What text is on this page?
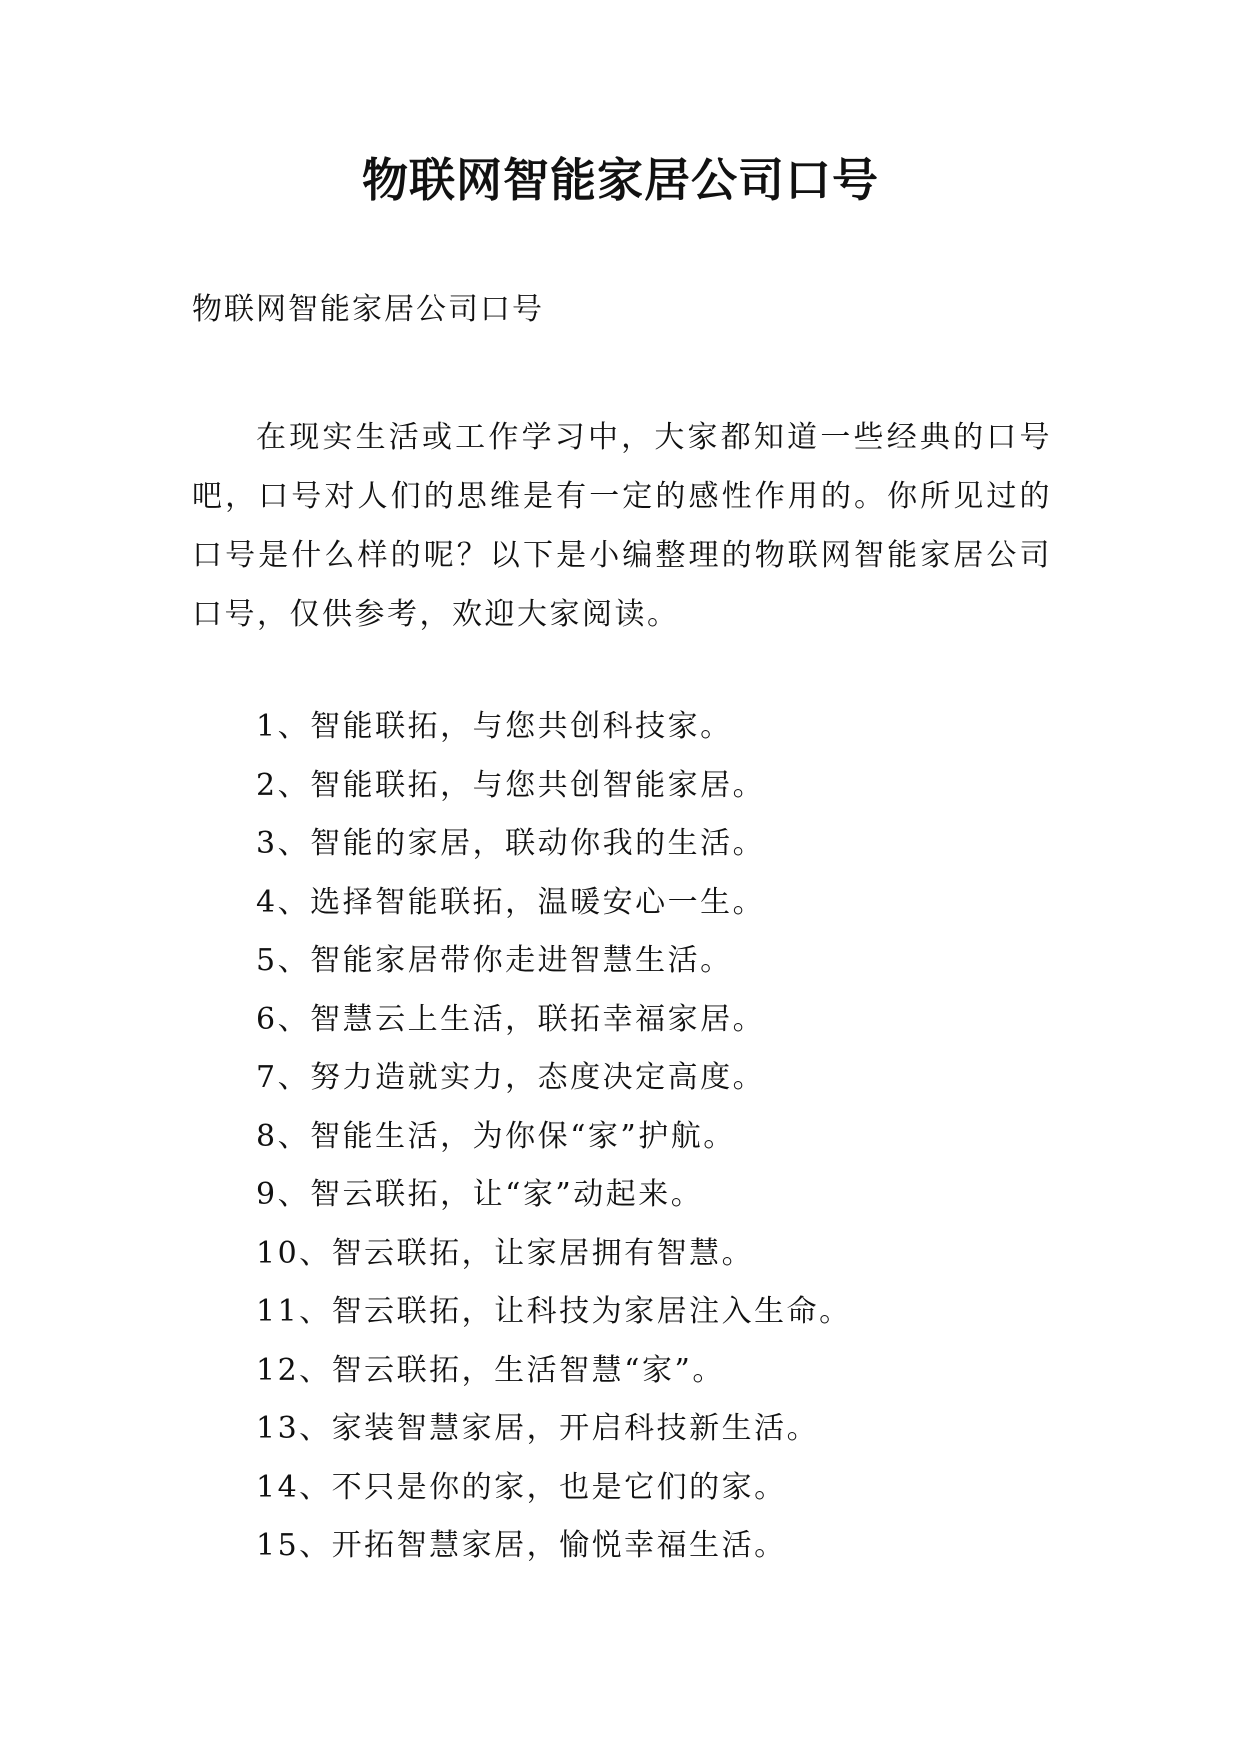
物联网智能家居公司口号

物联网智能家居公司口号

在现实生活或工作学习中，大家都知道一些经典的口号吧，口号对人们的思维是有一定的感性作用的。你所见过的口号是什么样的呢？以下是小编整理的物联网智能家居公司口号，仅供参考，欢迎大家阅读。

1、智能联拓，与您共创科技家。
2、智能联拓，与您共创智能家居。
3、智能的家居，联动你我的生活。
4、选择智能联拓，温暖安心一生。
5、智能家居带你走进智慧生活。
6、智慧云上生活，联拓幸福家居。
7、努力造就实力，态度决定高度。
8、智能生活，为你保“家”护航。
9、智云联拓，让“家”动起来。
10、智云联拓，让家居拥有智慧。
11、智云联拓，让科技为家居注入生命。
12、智云联拓，生活智慧“家”。
13、家装智慧家居，开启科技新生活。
14、不只是你的家，也是它们的家。
15、开拓智慧家居，愉悦幸福生活。
